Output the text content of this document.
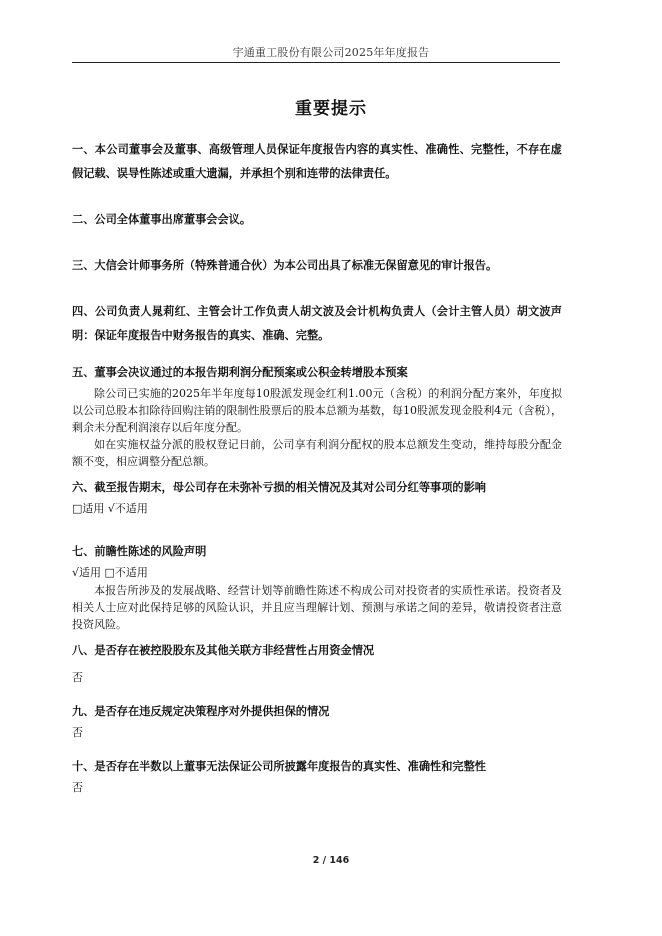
宇通重工股份有限公司2025年年度报告
重要提示

一、本公司董事会及董事、高级管理人员保证年度报告内容的真实性、准确性、完整性，不存在虚假记载、误导性陈述或重大遗漏，并承担个别和连带的法律责任。

二、公司全体董事出席董事会会议。

三、大信会计师事务所（特殊普通合伙）为本公司出具了标准无保留意见的审计报告。

四、公司负责人晁莉红、主管会计工作负责人胡文波及会计机构负责人（会计主管人员）胡文波声明：保证年度报告中财务报告的真实、准确、完整。

五、董事会决议通过的本报告期利润分配预案或公积金转增股本预案

除公司已实施的2025年半年度每10股派发现金红利1.00元（含税）的利润分配方案外，年度拟以公司总股本扣除待回购注销的限制性股票后的股本总额为基数，每10股派发现金股利4元（含税），剩余未分配利润滚存以后年度分配。

如在实施权益分派的股权登记日前，公司享有利润分配权的股本总额发生变动，维持每股分配金额不变，相应调整分配总额。

六、截至报告期末，母公司存在未弥补亏损的相关情况及其对公司分红等事项的影响

□适用 √不适用

七、前瞻性陈述的风险声明

√适用 □不适用

本报告所涉及的发展战略、经营计划等前瞻性陈述不构成公司对投资者的实质性承诺。投资者及相关人士应对此保持足够的风险认识，并且应当理解计划、预测与承诺之间的差异，敬请投资者注意投资风险。

八、是否存在被控股股东及其他关联方非经营性占用资金情况

否

九、是否存在违反规定决策程序对外提供担保的情况

否

十、是否存在半数以上董事无法保证公司所披露年度报告的真实性、准确性和完整性

否

2 / 146
